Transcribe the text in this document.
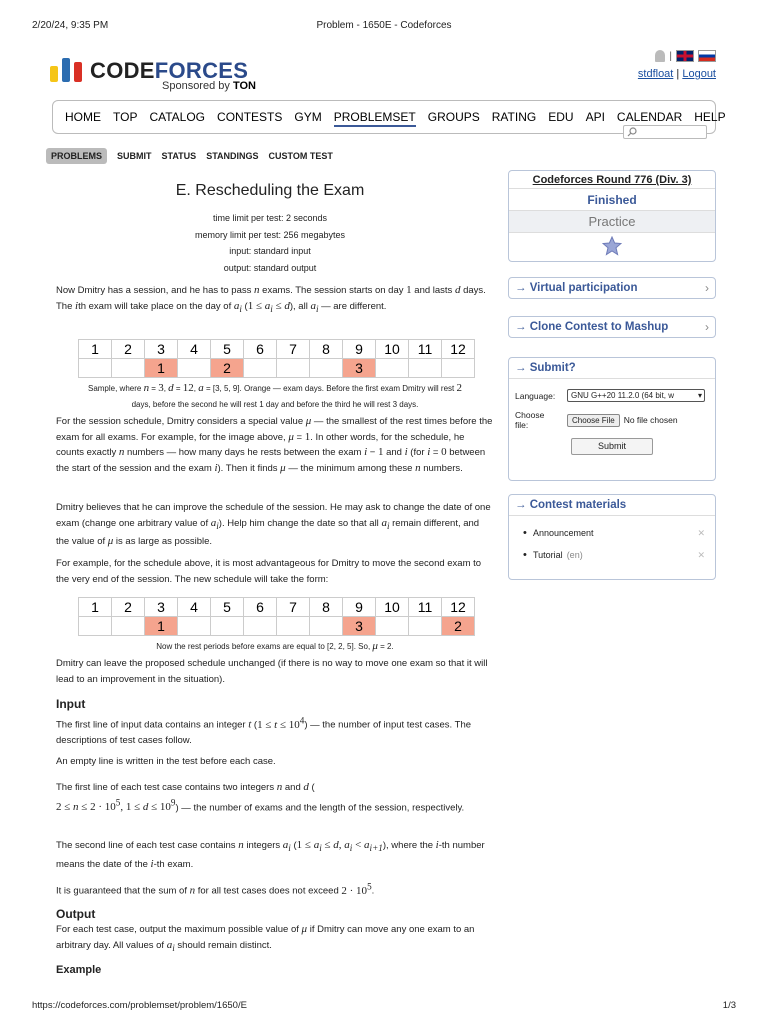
2/20/24, 9:35 PM	Problem - 1650E - Codeforces
CODEFORCES
Sponsored by TON
|
stdfloat | Logout
HOME TOP CATALOG CONTESTS GYM PROBLEMSET GROUPS RATING EDU API CALENDAR HELP
PROBLEMS	SUBMIT STATUS STANDINGS CUSTOM TEST
E. Rescheduling the Exam
time limit per test: 2 seconds
memory limit per test: 256 megabytes
input: standard input
output: standard output
Now Dmitry has a session, and he has to pass n exams. The session starts on day 1 and lasts d days. The ith exam will take place on the day of $a_i$ $(1 \le a_i \le d)$, all $a_i$ — are different.
1	2	3	4	5	6	7	8	9	10	11	12
		1		2				3			
Sample, where n = 3, d = 12, a = [3, 5, 9]. Orange — exam days. Before the first exam Dmitry will rest 2
days, before the second he will rest 1 day and before the third he will rest 3 days.
For the session schedule, Dmitry considers a special value μ — the smallest of the rest times before the exam for all exams. For example, for the image above, μ = 1. In other words, for the schedule, he counts exactly n numbers — how many days he rests between the exam i − 1 and i (for i = 0 between the start of the session and the exam i). Then it finds μ — the minimum among these n numbers.
Dmitry believes that he can improve the schedule of the session. He may ask to change the date of one exam (change one arbitrary value of $a_i$). Help him change the date so that all $a_i$ remain different, and the value of μ is as large as possible.
For example, for the schedule above, it is most advantageous for Dmitry to move the second exam to the very end of the session. The new schedule will take the form:
1	2	3	4	5	6	7	8	9	10	11	12
		1						3			2
Now the rest periods before exams are equal to [2, 2, 5]. So, μ = 2.
Dmitry can leave the proposed schedule unchanged (if there is no way to move one exam so that it will lead to an improvement in the situation).
Input
The first line of input data contains an integer t $(1 \le t \le 10^4)$ — the number of input test cases. The descriptions of test cases follow.
An empty line is written in the test before each case.
The first line of each test case contains two integers n and d (
$2 \le n \le 2 \cdot 10^5$, $1 \le d \le 10^9$) — the number of exams and the length of the session, respectively.
The second line of each test case contains n integers $a_i$ ($1 \le a_i \le d$, $a_i < a_{i+1}$), where the i-th number means the date of the i-th exam.
It is guaranteed that the sum of n for all test cases does not exceed $2 \cdot 10^5$.
Output
For each test case, output the maximum possible value of μ if Dmitry can move any one exam to an arbitrary day. All values of $a_i$ should remain distinct.
Example
Codeforces Round 776 (Div. 3)
Finished
Practice
→ Virtual participation	›
→ Clone Contest to Mashup	›
→ Submit?
Language:	GNU G++20 11.2.0 (64 bit, w	▾
Choose
file:	Choose File	No file chosen
Submit
→ Contest materials
• Announcement	✕
• Tutorial (en)	✕
https://codeforces.com/problemset/problem/1650/E	1/3
